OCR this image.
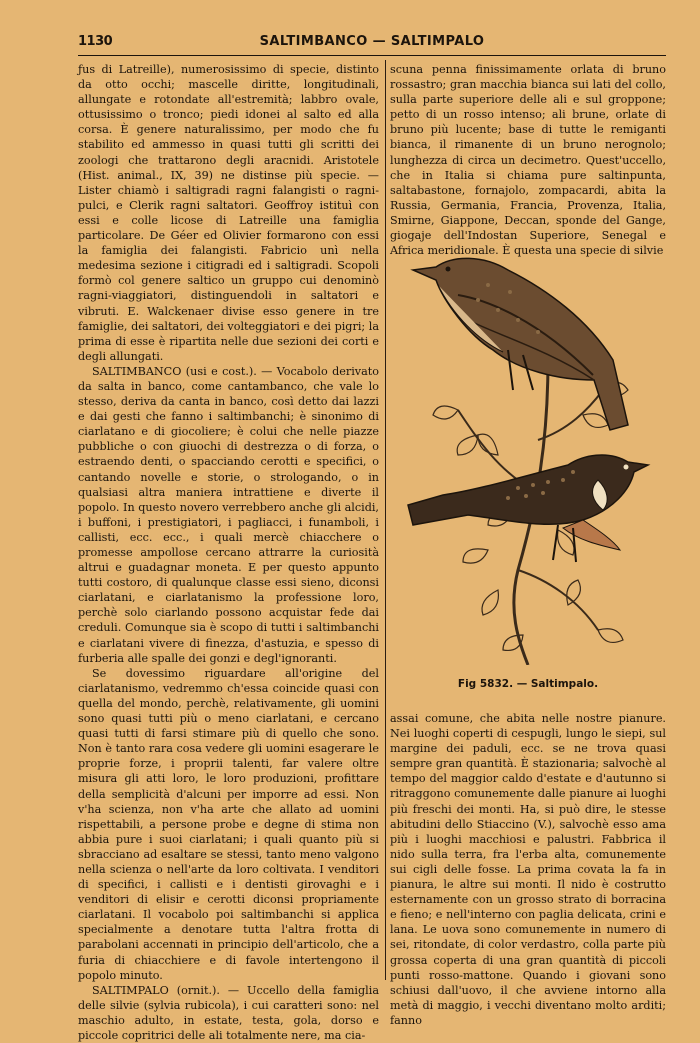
1130	SALTIMBANCO — SALTIMPALO

ƒus di Latreille), numerosissimo di specie, distinto da otto occhi; mascelle diritte, longitudinali, allungate e rotondate all'estremità; labbro ovale, ottusissimo o tronco; piedi idonei al salto ed alla corsa. È genere naturalissimo, per modo che fu stabilito ed ammesso in quasi tutti gli scritti dei zoologi che trattarono degli aracnidi. Aristotele (Hist. animal., IX, 39) ne distinse più specie. — Lister chiamò i saltigradi ragni falangisti o ragni-pulci, e Clerik ragni saltatori. Geoffroy istituì con essi e colle licose di Latreille una famiglia particolare. De Géer ed Olivier formarono con essi la famiglia dei falangisti. Fabricio unì nella medesima sezione i citigradi ed i saltigradi. Scopoli formò col genere saltico un gruppo cui denominò ragni-viaggiatori, distinguendoli in saltatori e vibruti. E. Walckenaer divise esso genere in tre famiglie, dei saltatori, dei volteggiatori e dei pigri; la prima di esse è ripartita nelle due sezioni dei corti e degli allungati.

SALTIMBANCO (usi e cost.). — Vocabolo derivato da salta in banco, come cantambanco, che vale lo stesso, deriva da canta in banco, così detto dai lazzi e dai gesti che fanno i saltimbanchi; è sinonimo di ciarlatano e di giocoliere; è colui che nelle piazze pubbliche o con giuochi di destrezza o di forza, o estraendo denti, o spacciando cerotti e specifici, o cantando novelle e storie, o strologando, o in qualsiasi altra maniera intrattiene e diverte il popolo. In questo novero verrebbero anche gli alcidi, i buffoni, i prestigiatori, i pagliacci, i funamboli, i callisti, ecc. ecc., i quali mercè chiacchere o promesse ampollose cercano attrarre la curiosità altrui e guadagnar moneta. E per questo appunto tutti costoro, di qualunque classe essi sieno, diconsi ciarlatani, e ciarlatanismo la professione loro, perchè solo ciarlando possono acquistar fede dai creduli. Comunque sia è scopo di tutti i saltimbanchi e ciarlatani vivere di finezza, d'astuzia, e spesso di furberia alle spalle dei gonzi e degl'ignoranti.

Se dovessimo riguardare all'origine del ciarlatanismo, vedremmo ch'essa coincide quasi con quella del mondo, perchè, relativamente, gli uomini sono quasi tutti più o meno ciarlatani, e cercano quasi tutti di farsi stimare più di quello che sono. Non è tanto rara cosa vedere gli uomini esagerare le proprie forze, i proprii talenti, far valere oltre misura gli atti loro, le loro produzioni, profittare della semplicità d'alcuni per imporre ad essi. Non v'ha scienza, non v'ha arte che allato ad uomini rispettabili, a persone probe e degne di stima non abbia pure i suoi ciarlatani; i quali quanto più si sbracciano ad esaltare se stessi, tanto meno valgono nella scienza o nell'arte da loro coltivata. I venditori di specifici, i callisti e i dentisti girovaghi e i venditori di elisir e cerotti diconsi propriamente ciarlatani. Il vocabolo poi saltimbanchi si applica specialmente a denotare tutta l'altra frotta di parabolani accennati in principio dell'articolo, che a furia di chiacchiere e di favole intertengono il popolo minuto.

SALTIMPALO (ornit.). — Uccello della famiglia delle silvie (sylvia rubicola), i cui caratteri sono: nel maschio adulto, in estate, testa, gola, dorso e piccole copritrici delle ali totalmente nere, ma cia-

scuna penna finissimamente orlata di bruno rossastro; gran macchia bianca sui lati del collo, sulla parte superiore delle ali e sul groppone; petto di un rosso intenso; ali brune, orlate di bruno più lucente; base di tutte le remiganti bianca, il rimanente di un bruno nerognolo; lunghezza di circa un decimetro. Quest'uccello, che in Italia si chiama pure saltinpunta, saltabastone, fornajolo, zompacardi, abita la Russia, Germania, Francia, Provenza, Italia, Smirne, Giappone, Deccan, sponde del Gange, giogaje dell'Indostan Superiore, Senegal e Africa meridionale. È questa una specie di silvie

Fig 5832. — Saltimpalo.

assai comune, che abita nelle nostre pianure. Nei luoghi coperti di cespugli, lungo le siepi, sul margine dei paduli, ecc. se ne trova quasi sempre gran quantità. È stazionaria; salvochè al tempo del maggior caldo d'estate e d'autunno si ritraggono comunemente dalle pianure ai luoghi più freschi dei monti. Ha, si può dire, le stesse abitudini dello Stiaccino (V.), salvochè esso ama più i luoghi macchiosi e palustri. Fabbrica il nido sulla terra, fra l'erba alta, comunemente sui cigli delle fosse. La prima covata la fa in pianura, le altre sui monti. Il nido è costrutto esternamente con un grosso strato di borracina e fieno; e nell'interno con paglia delicata, crini e lana. Le uova sono comunemente in numero di sei, ritondate, di color verdastro, colla parte più grossa coperta di una gran quantità di piccoli punti rosso-mattone. Quando i giovani sono schiusi dall'uovo, il che avviene intorno alla metà di maggio, i vecchi diventano molto arditi; fanno
